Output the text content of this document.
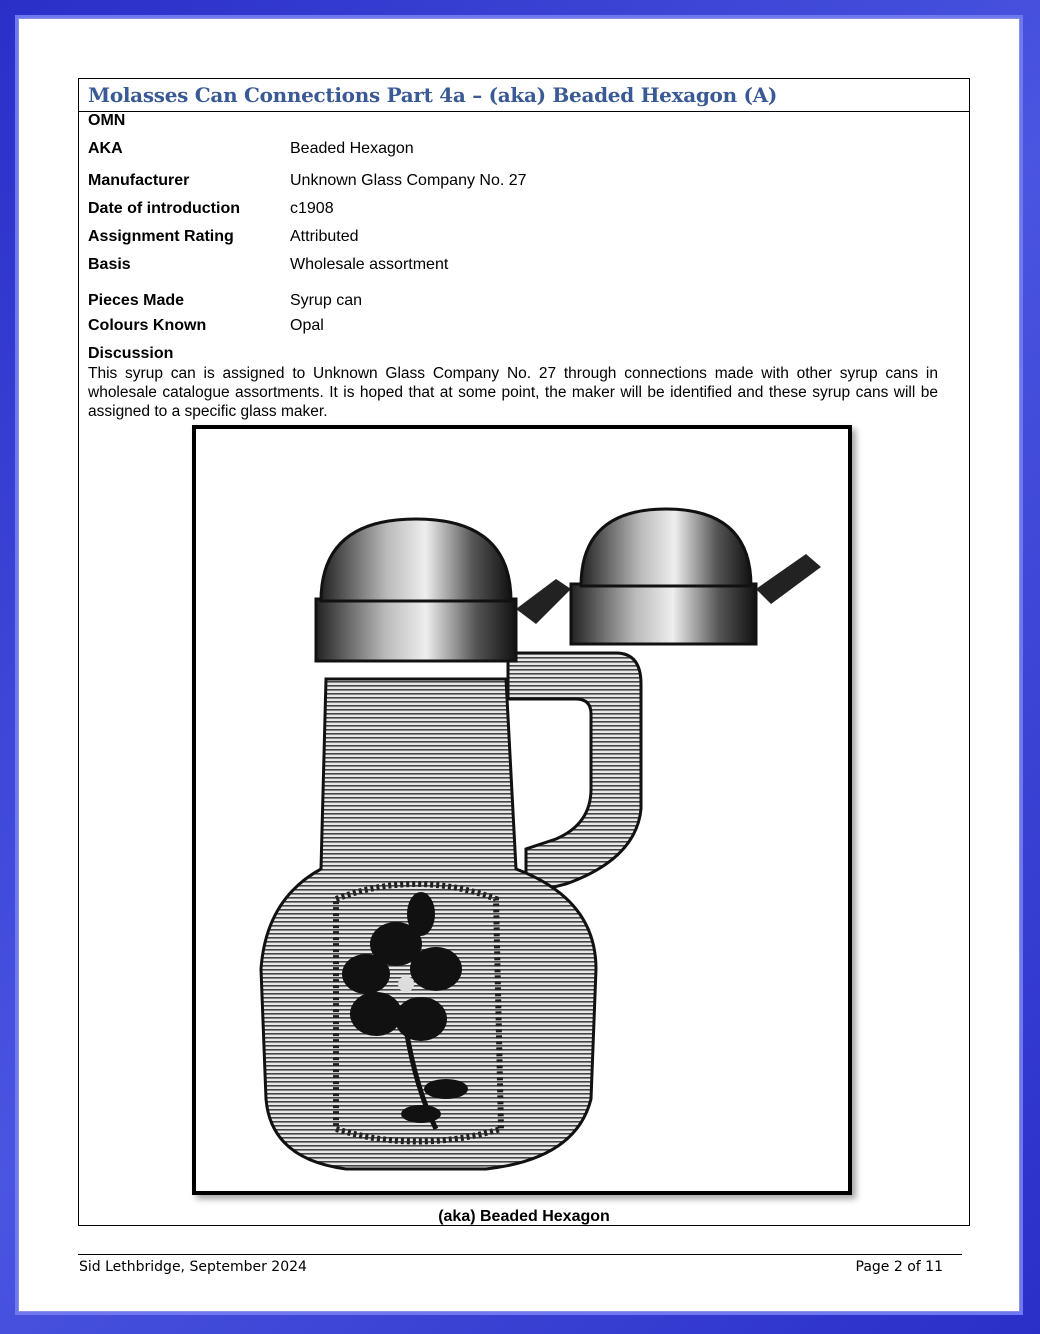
Molasses Can Connections Part 4a – (aka) Beaded Hexagon (A)
OMN
AKA	Beaded Hexagon
Manufacturer	Unknown Glass Company No. 27
Date of introduction	c1908
Assignment Rating	Attributed
Basis	Wholesale assortment
Pieces Made	Syrup can
Colours Known	Opal
Discussion
This syrup can is assigned to Unknown Glass Company No. 27 through connections made with other syrup cans in wholesale catalogue assortments. It is hoped that at some point, the maker will be identified and these syrup cans will be assigned to a specific glass maker.
(aka) Beaded Hexagon
Sid Lethbridge, September 2024	Page 2 of 11
